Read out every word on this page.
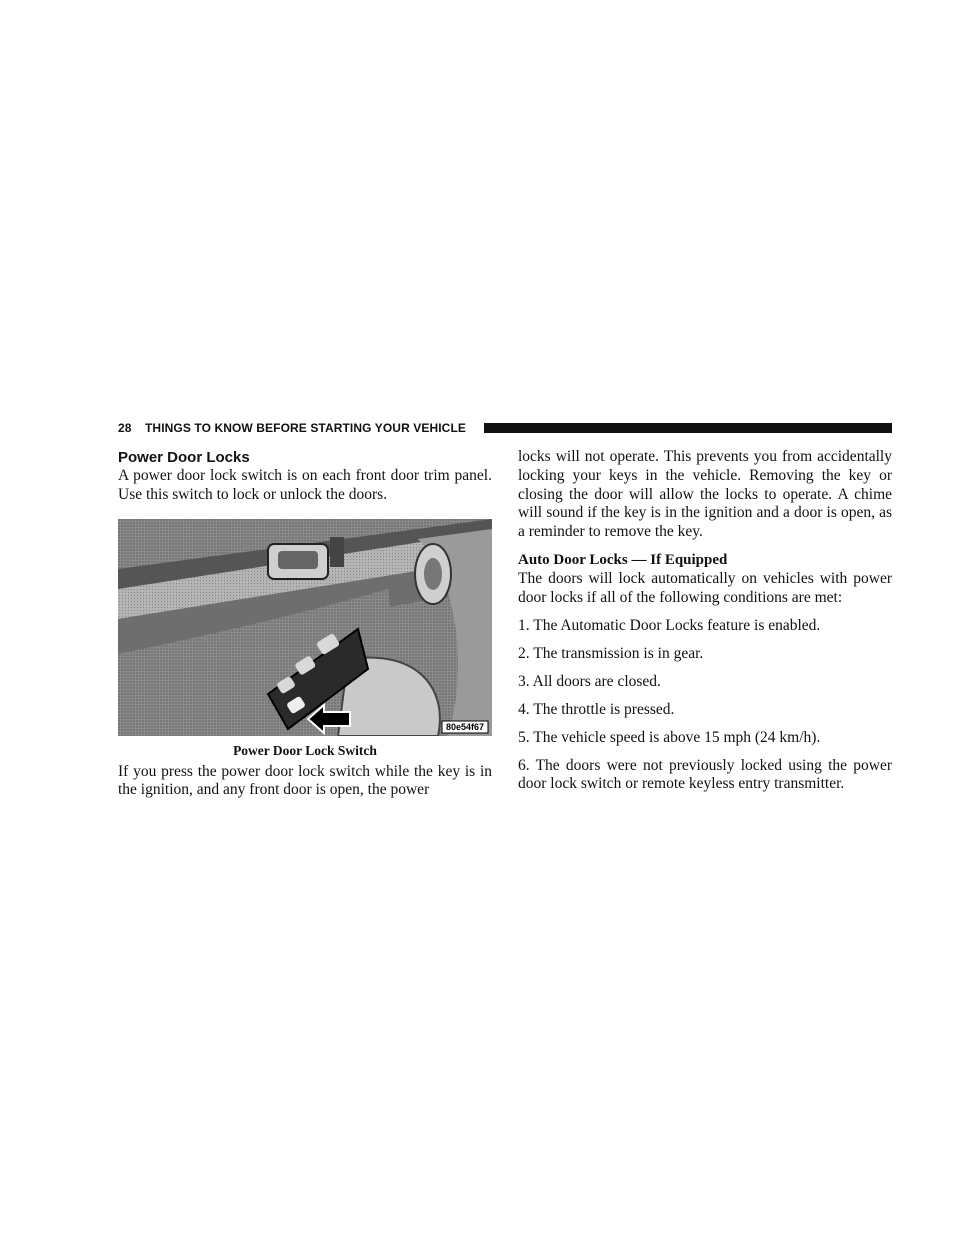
28 THINGS TO KNOW BEFORE STARTING YOUR VEHICLE
Power Door Locks

A power door lock switch is on each front door trim panel. Use this switch to lock or unlock the doors.

80e54f67
Power Door Lock Switch

If you press the power door lock switch while the key is in the ignition, and any front door is open, the power

locks will not operate. This prevents you from accidentally locking your keys in the vehicle. Removing the key or closing the door will allow the locks to operate. A chime will sound if the key is in the ignition and a door is open, as a reminder to remove the key.

Auto Door Locks — If Equipped

The doors will lock automatically on vehicles with power door locks if all of the following conditions are met:

1. The Automatic Door Locks feature is enabled.
2. The transmission is in gear.
3. All doors are closed.
4. The throttle is pressed.
5. The vehicle speed is above 15 mph (24 km/h).
6. The doors were not previously locked using the power door lock switch or remote keyless entry transmitter.
